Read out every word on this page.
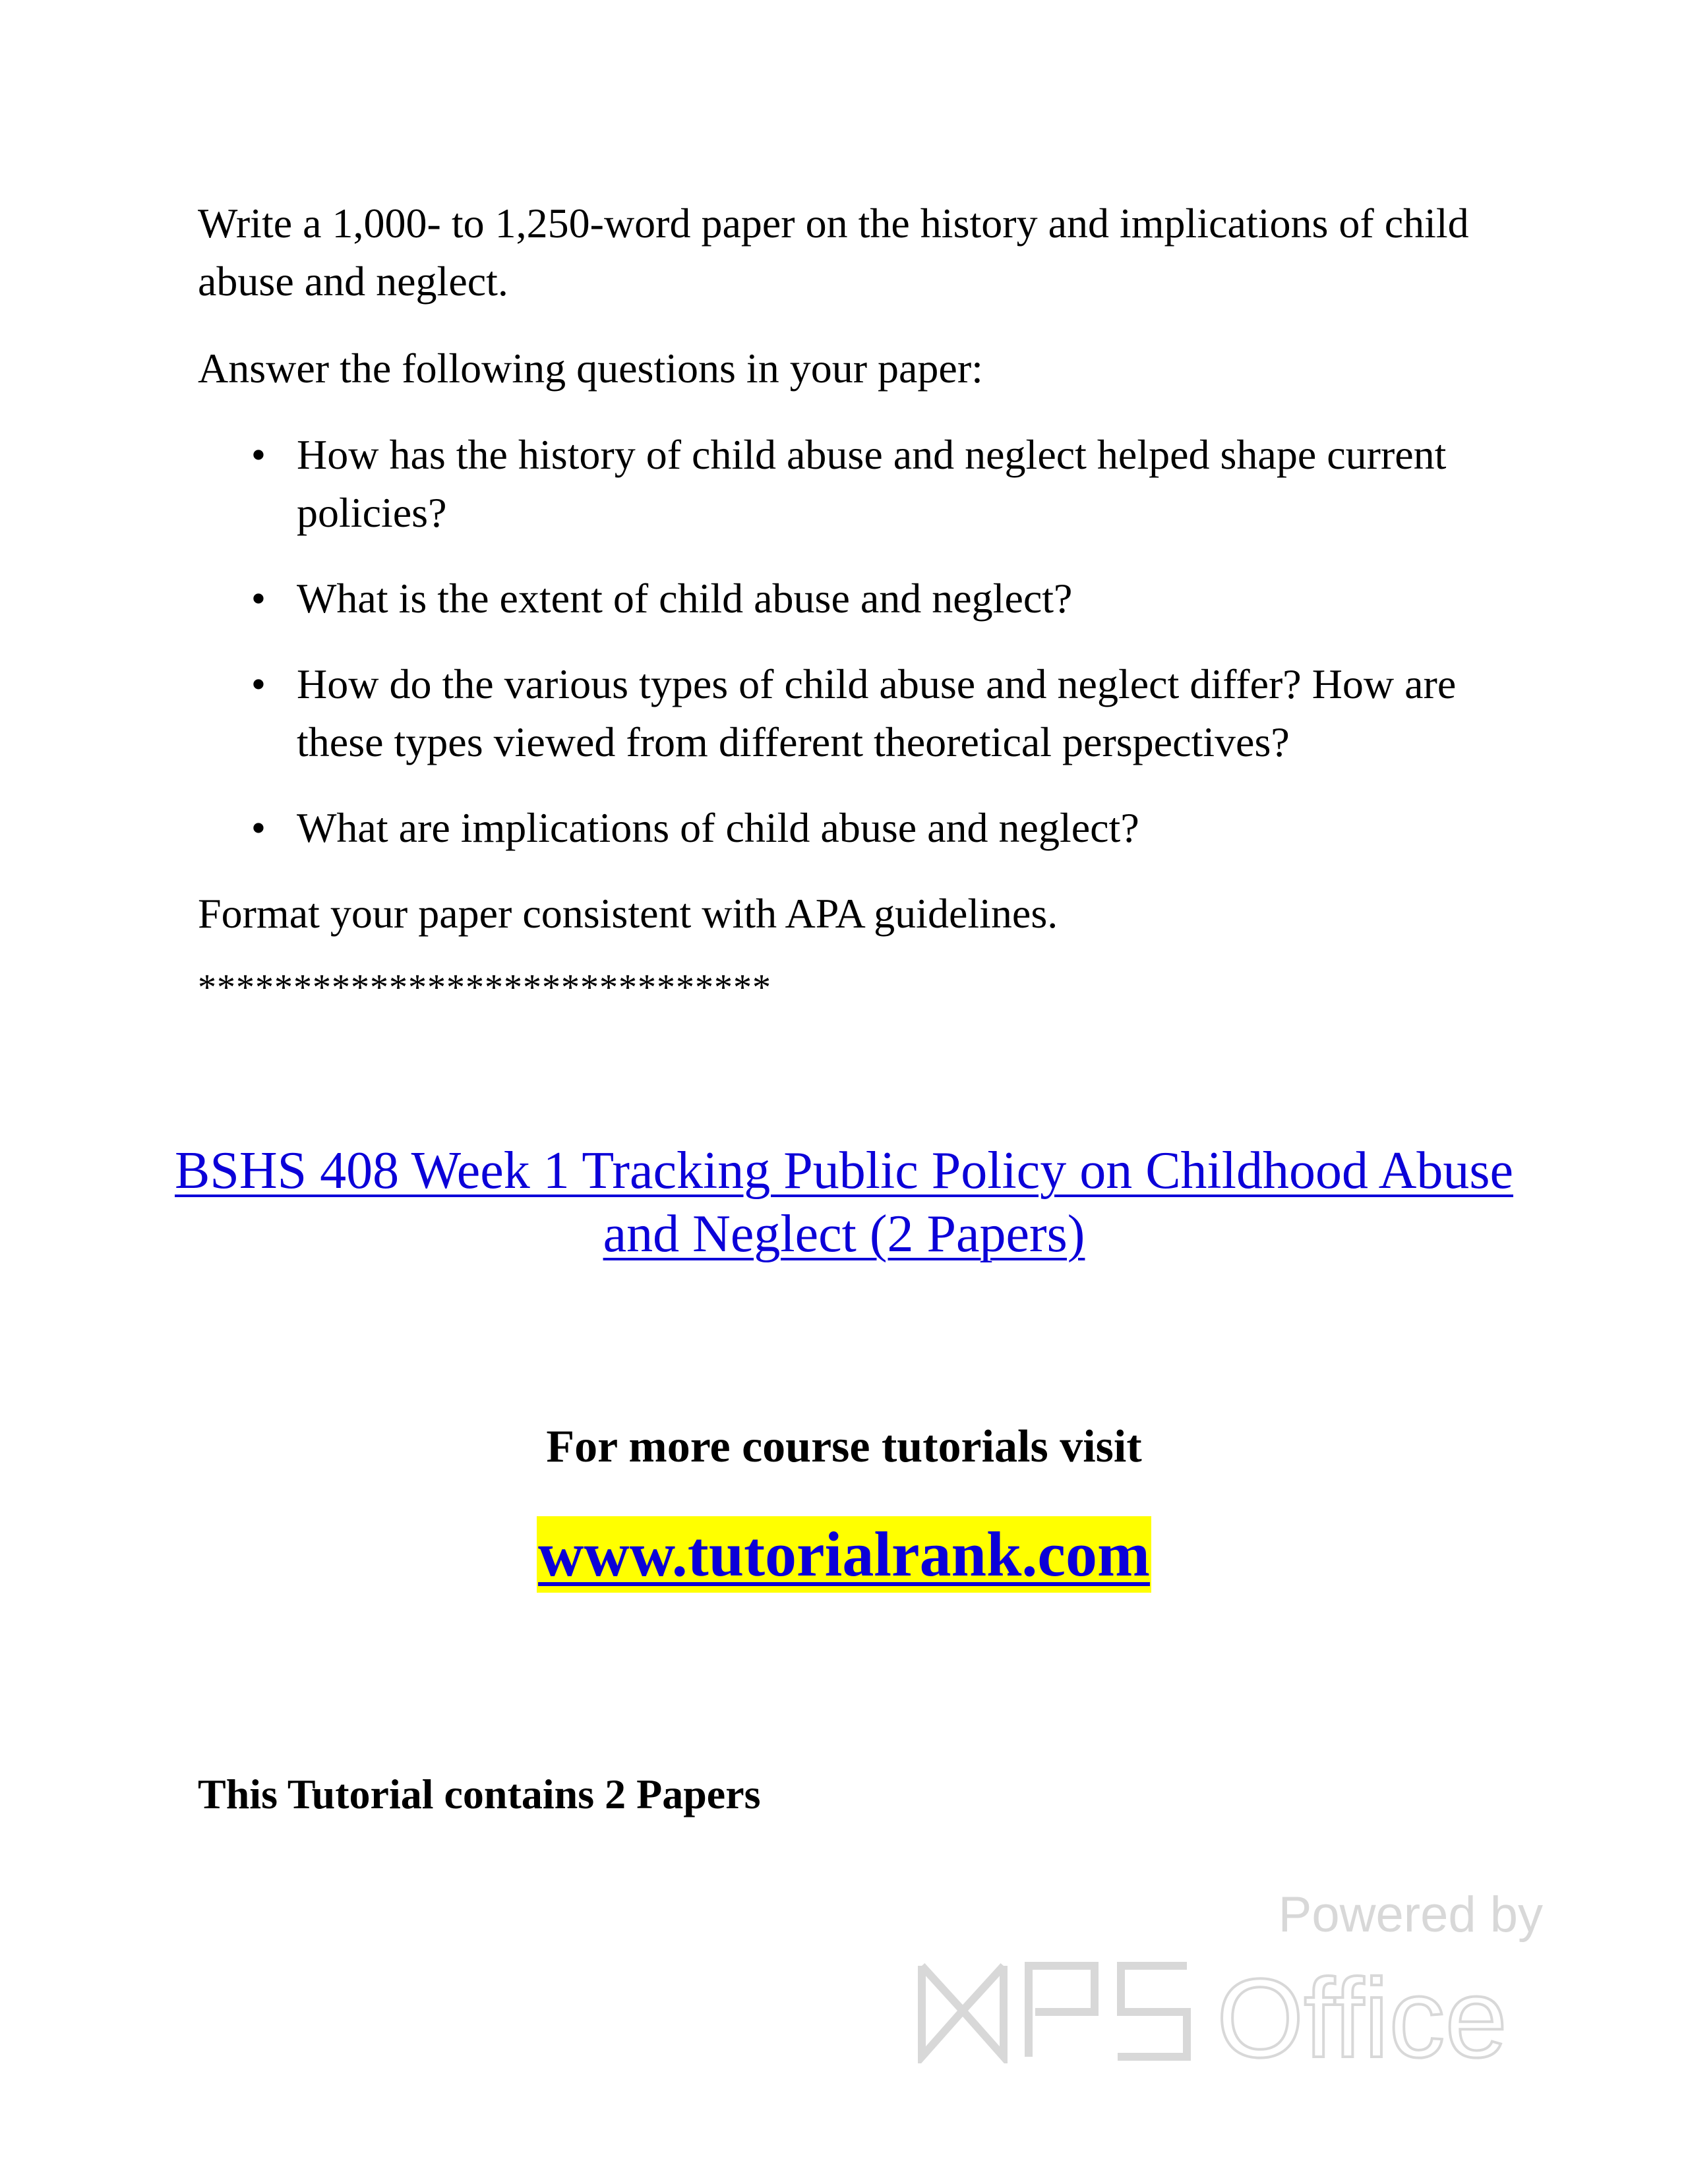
Write a 1,000- to 1,250-word paper on the history and implications of child abuse and neglect.

Answer the following questions in your paper:

• How has the history of child abuse and neglect helped shape current policies?
• What is the extent of child abuse and neglect?
• How do the various types of child abuse and neglect differ? How are these types viewed from different theoretical perspectives?
• What are implications of child abuse and neglect?

Format your paper consistent with APA guidelines.

******************************
BSHS 408 Week 1 Tracking Public Policy on Childhood Abuse and Neglect (2 Papers)
For more course tutorials visit
www.tutorialrank.com
This Tutorial contains 2 Papers
Powered by
Office
